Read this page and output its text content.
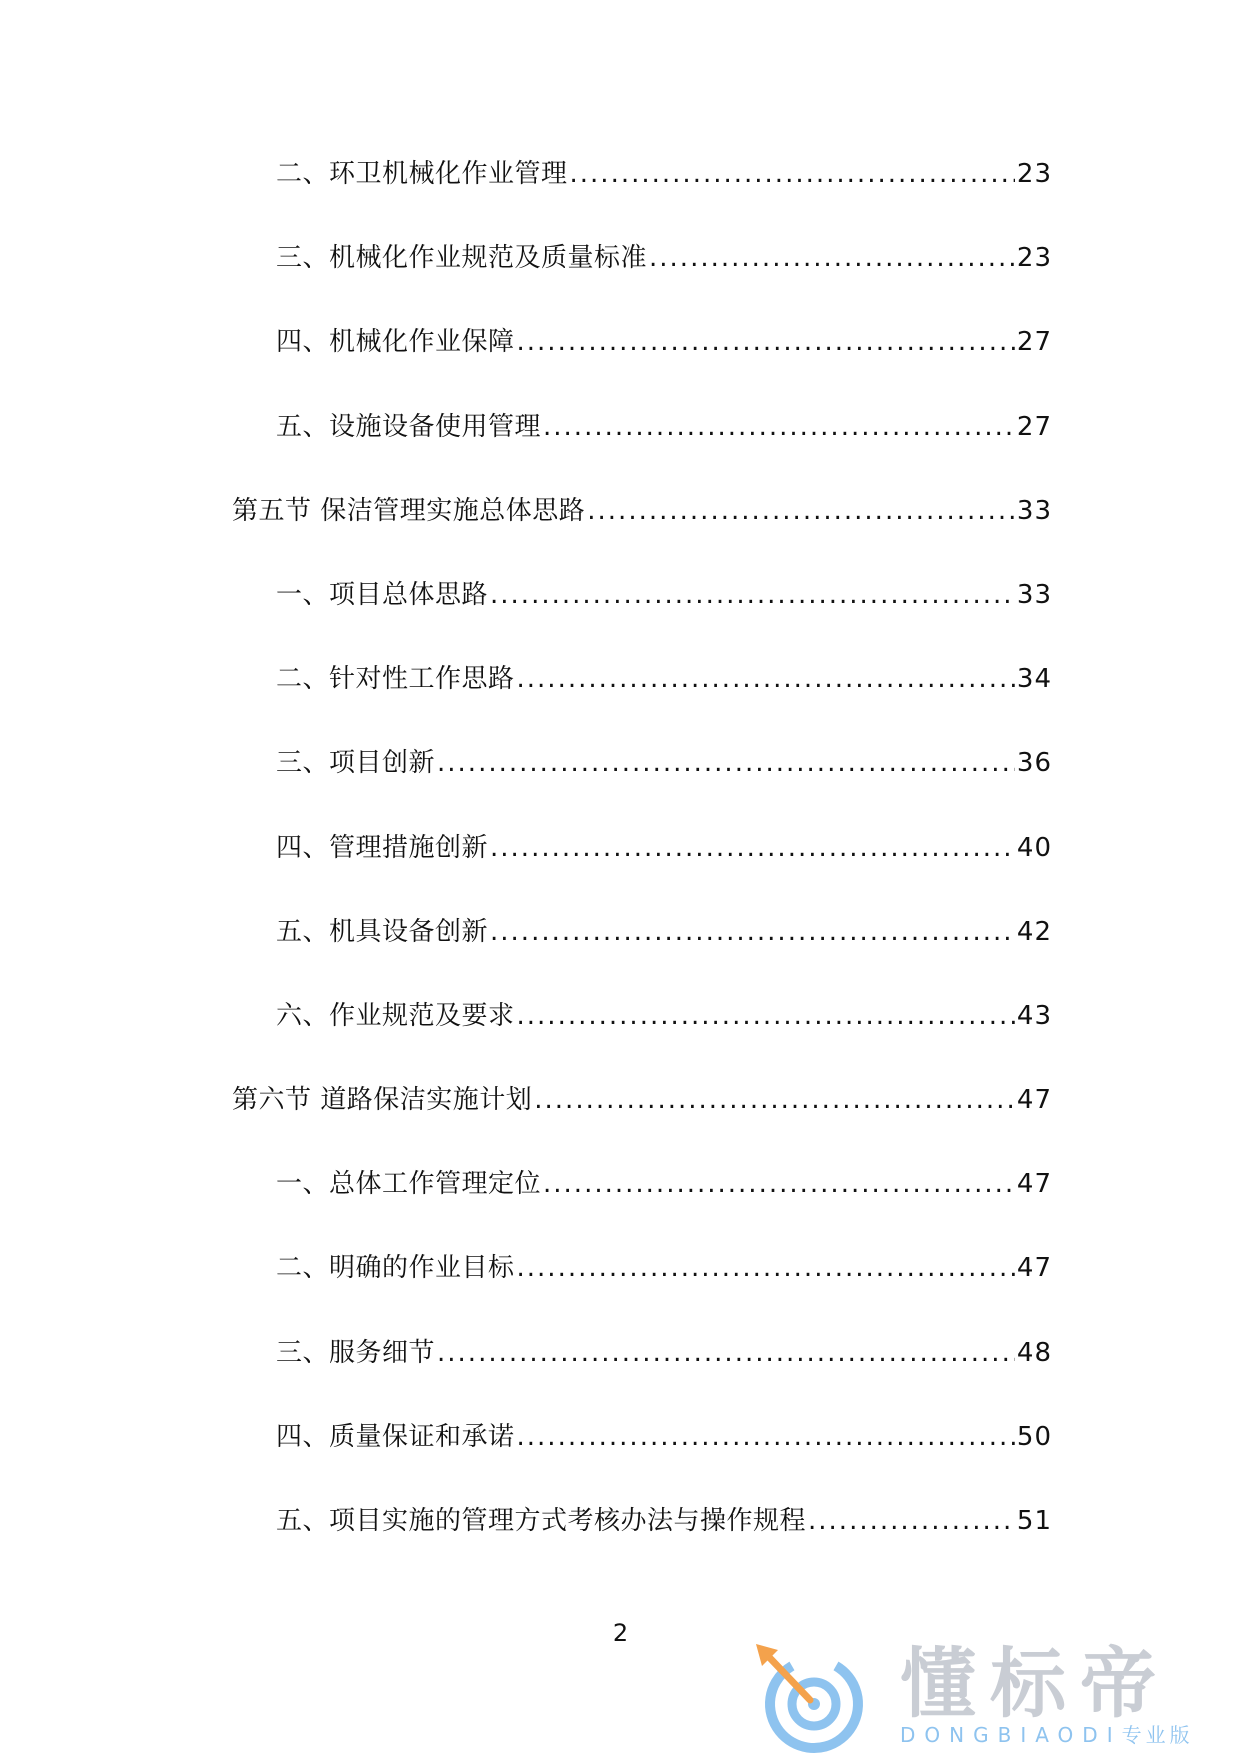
二、环卫机械化作业管理 .....	23
三、机械化作业规范及质量标准 .....	23
四、机械化作业保障 .....	27
五、设施设备使用管理 .....	27
第五节 保洁管理实施总体思路 .....	33
一、项目总体思路 .....	33
二、针对性工作思路 .....	34
三、项目创新 .....	36
四、管理措施创新 .....	40
五、机具设备创新 .....	42
六、作业规范及要求 .....	43
第六节 道路保洁实施计划 .....	47
一、总体工作管理定位 .....	47
二、明确的作业目标 .....	47
三、服务细节 .....	48
四、质量保证和承诺 .....	50
五、项目实施的管理方式考核办法与操作规程 .....	51
2
懂标帝
DONGBIAODI专业版
